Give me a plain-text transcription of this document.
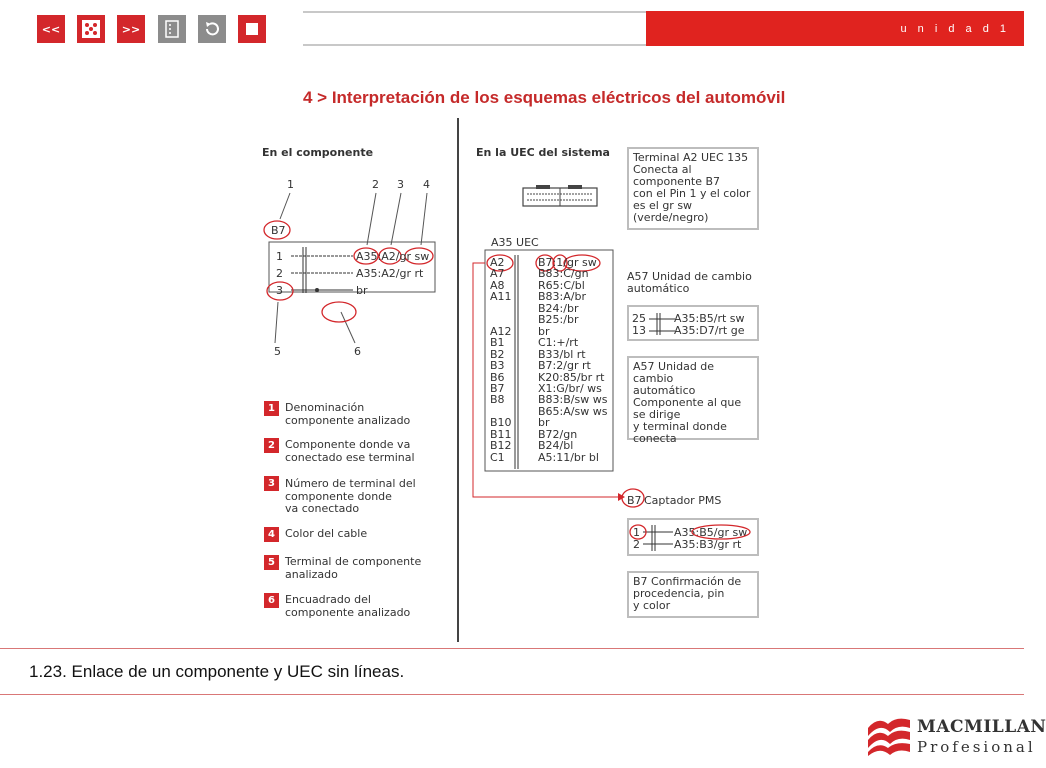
<<	>>	u n i d a d 1
4 > Interpretación de los esquemas eléctricos del automóvil
En el componente
1	2 3 4
5	6
B7
1	A35:A2/gr sw
2	A35:A2/gr rt
3	br
1 Denominación
componente analizado
2 Componente donde va
conectado ese terminal
3 Número de terminal del
componente donde
va conectado
4 Color del cable
5 Terminal de componente
analizado
6 Encuadrado del
componente analizado
En la UEC del sistema	Terminal A2 UEC 135
Conecta al
componente B7
con el Pin 1 y el color
es el gr sw
(verde/negro)
A35 UEC
A2	B7:1/gr sw
A7	B83:C/gn
A8	R65:C/bl
A11 B83:A/br
B24:/br
B25:/br
A12 br
B1	C1:+/rt
B2	B33/bl rt
B3	B7:2/gr rt
B6	K20:85/br rt
B7	X1:G/br/ ws
B8	B83:B/sw ws
B65:A/sw ws
B10 br
B11 B72/gn
B12 B24/bl
C1	A5:11/br bl
A57 Unidad de cambio
automático
25	A35:B5/rt sw
13	A35:D7/rt ge
A57 Unidad de cambio
automático
Componente al que
se dirige
y terminal donde
conecta
B7 Captador PMS
1	A35:B5/gr sw
2	A35:B3/gr rt
B7 Confirmación de
procedencia, pin
y color
1.23. Enlace de un componente y UEC sin líneas.
MACMILLAN
Profesional
